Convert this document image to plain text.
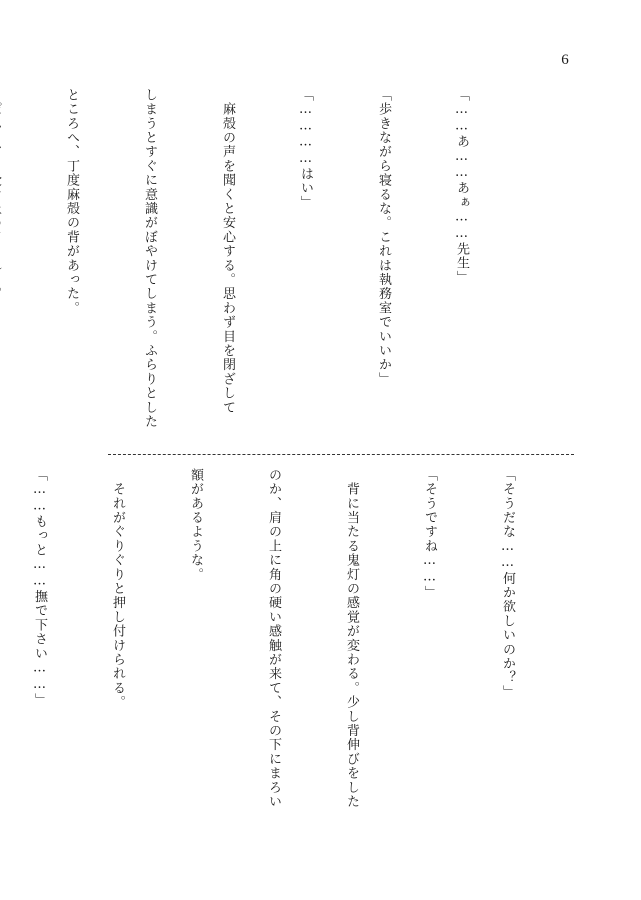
6

「……あ……あぁ……先生」

「歩きながら寝るな。これは執務室でいいか」

「…………はい」

　麻殻の声を聞くと安心する。思わず目を閉ざして

しまうとすぐに意識がぼやけてしまう。ふらりとした

ところへ、丁度麻殻の背があった。

「そうだな……何か欲しいのか？」

「そうですね……」

　背に当たる鬼灯の感覚が変わる。少し背伸びをした

のか、肩の上に角の硬い感触が来て、その下にまろい

額があるような。

　それがぐりぐりと押し付けられる。

「……もっと……撫で下さい……」
